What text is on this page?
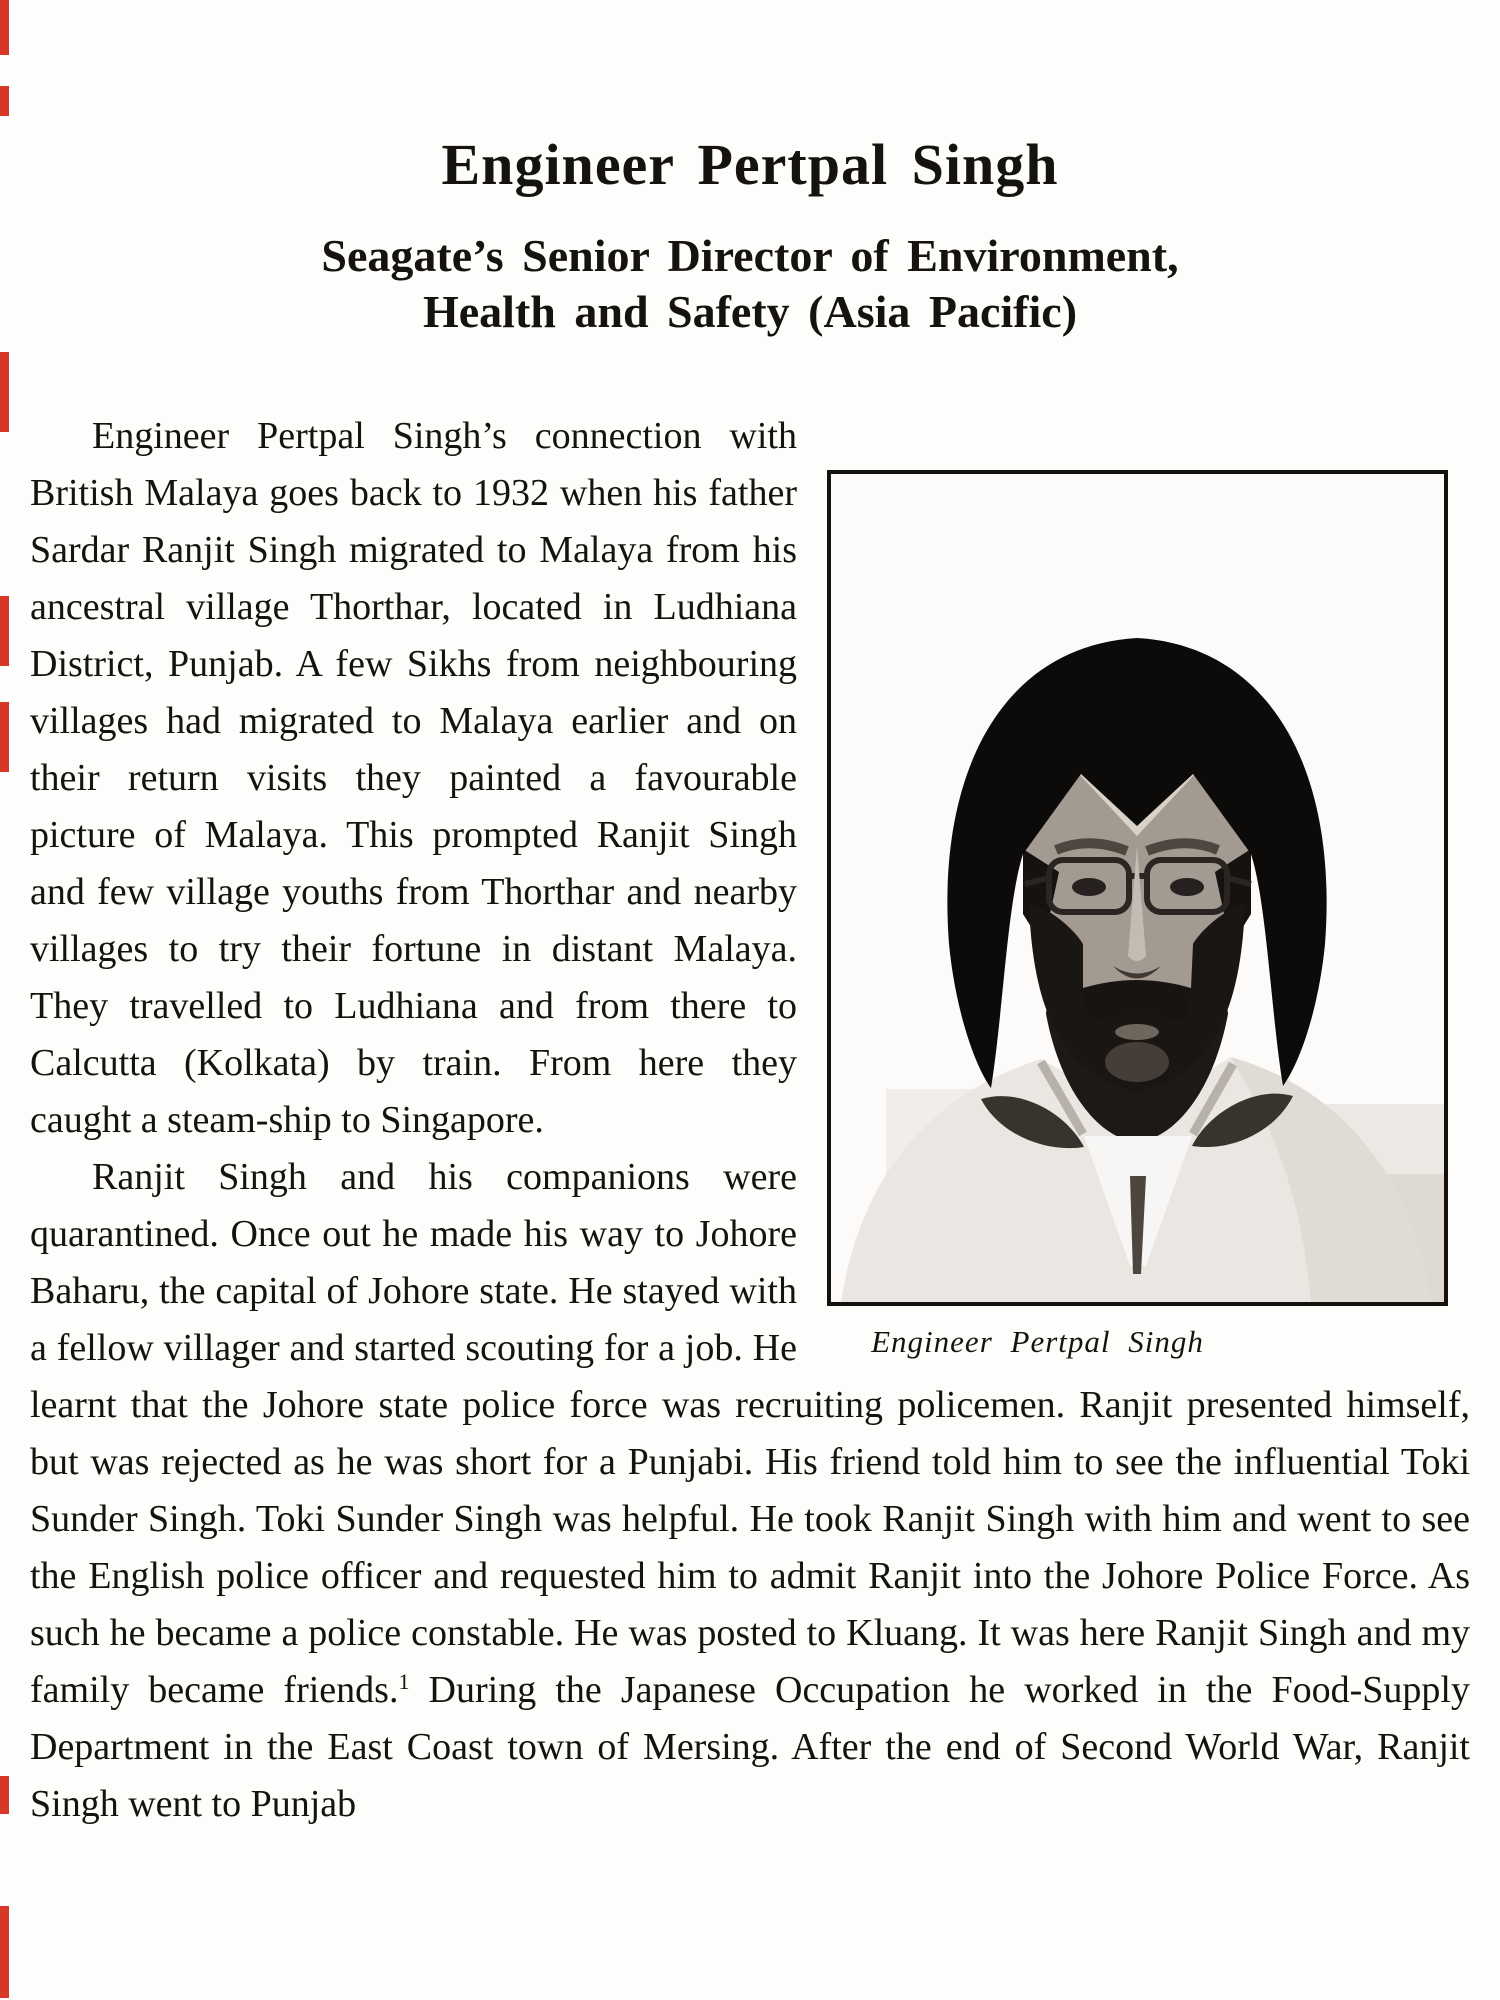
Engineer Pertpal Singh
Seagate’s Senior Director of Environment,
Health and Safety (Asia Pacific)
Engineer Pertpal Singh

Engineer Pertpal Singh’s connection with British Malaya goes back to 1932 when his father Sardar Ranjit Singh migrated to Malaya from his ancestral village Thorthar, located in Ludhiana District, Punjab. A few Sikhs from neighbouring villages had migrated to Malaya earlier and on their return visits they painted a favourable picture of Malaya. This prompted Ranjit Singh and few village youths from Thorthar and nearby villages to try their fortune in distant Malaya. They travelled to Ludhiana and from there to Calcutta (Kolkata) by train. From here they caught a steam-ship to Singapore.

Ranjit Singh and his companions were quarantined. Once out he made his way to Johore Baharu, the capital of Johore state. He stayed with a fellow villager and started scouting for a job. He learnt that the Johore state police force was recruiting policemen. Ranjit presented himself, but was rejected as he was short for a Punjabi. His friend told him to see the influential Toki Sunder Singh. Toki Sunder Singh was helpful. He took Ranjit Singh with him and went to see the English police officer and requested him to admit Ranjit into the Johore Police Force. As such he became a police constable. He was posted to Kluang. It was here Ranjit Singh and my family became friends.$^1$ During the Japanese Occupation he worked in the Food-Supply Department in the East Coast town of Mersing. After the end of Second World War, Ranjit Singh went to Punjab
